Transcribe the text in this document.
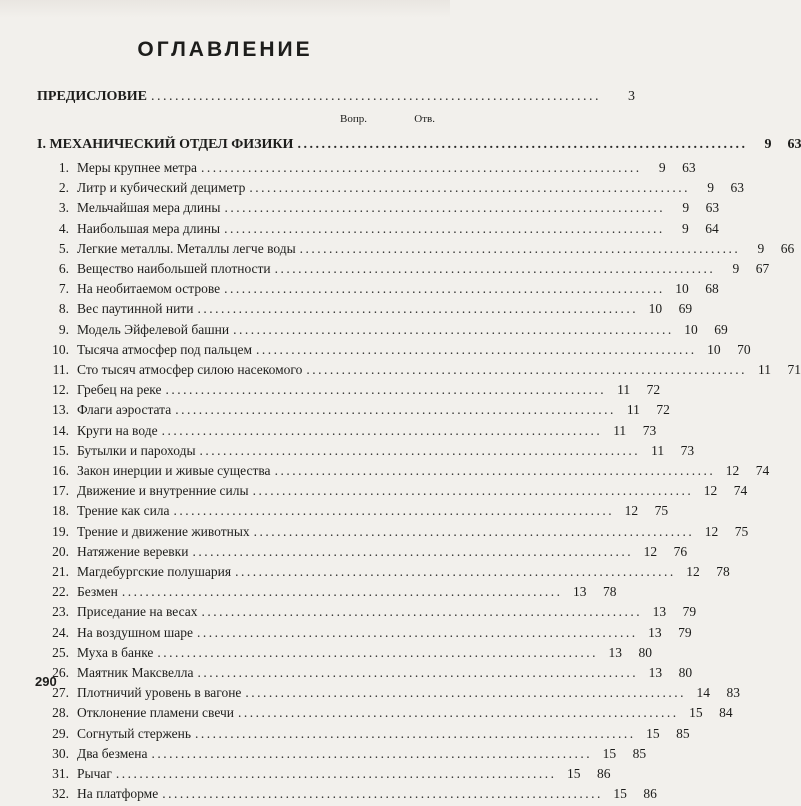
ОГЛАВЛЕНИЕ
ПРЕДИСЛОВИЕ ...........................................................................	3
Вопр.	Отв.
I. МЕХАНИЧЕСКИЙ ОТДЕЛ ФИЗИКИ ...........................................................................	9	63
1. Меры крупнее метра ...........................................................................	9	63
2. Литр и кубический дециметр ...........................................................................	9	63
3. Мельчайшая мера длины ...........................................................................	9	63
4. Наибольшая мера длины ...........................................................................	9	64
5. Легкие металлы. Металлы легче воды ...........................................................................	9	66
6. Вещество наибольшей плотности ...........................................................................	9	67
7. На необитаемом острове ........................................................................... 10	68
8. Вес паутинной нити ........................................................................... 10	69
9. Модель Эйфелевой башни ........................................................................... 10	69
10. Тысяча атмосфер под пальцем ........................................................................... 10	70
11. Сто тысяч атмосфер силою насекомого ........................................................................... 11	71
12. Гребец на реке ........................................................................... 11	72
13. Флаги аэростата ........................................................................... 11	72
14. Круги на воде ........................................................................... 11	73
15. Бутылки и пароходы ........................................................................... 11	73
16. Закон инерции и живые существа ........................................................................... 12	74
17. Движение и внутренние силы ........................................................................... 12	74
18. Трение как сила ........................................................................... 12	75
19. Трение и движение животных ........................................................................... 12	75
20. Натяжение веревки ........................................................................... 12	76
21. Магдебургские полушария ........................................................................... 12	78
22. Безмен ........................................................................... 13	78
23. Приседание на весах ........................................................................... 13	79
24. На воздушном шаре ........................................................................... 13	79
25. Муха в банке ........................................................................... 13	80
26. Маятник Максвелла ........................................................................... 13	80
27. Плотничий уровень в вагоне ........................................................................... 14	83
28. Отклонение пламени свечи ........................................................................... 15	84
29. Согнутый стержень ........................................................................... 15	85
30. Два безмена ........................................................................... 15	85
31. Рычаг ........................................................................... 15	86
32. На платформе ........................................................................... 15	86
290
